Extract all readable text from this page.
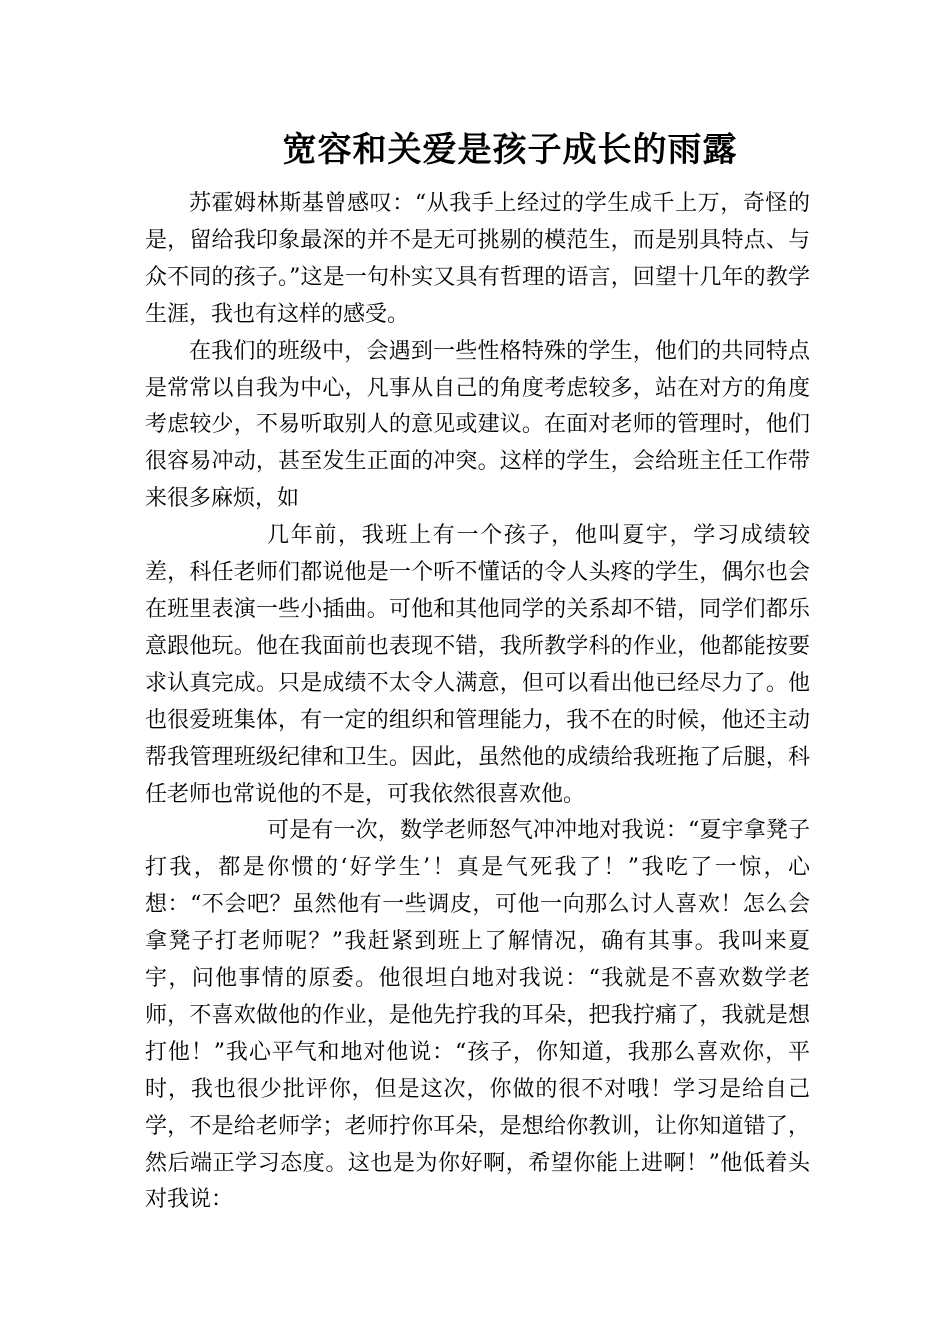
宽容和关爱是孩子成长的雨露

苏霍姆林斯基曾感叹：“从我手上经过的学生成千上万，奇怪的是，留给我印象最深的并不是无可挑剔的模范生，而是别具特点、与众不同的孩子。”这是一句朴实又具有哲理的语言，回望十几年的教学生涯，我也有这样的感受。

在我们的班级中，会遇到一些性格特殊的学生，他们的共同特点是常常以自我为中心，凡事从自己的角度考虑较多，站在对方的角度考虑较少，不易听取别人的意见或建议。在面对老师的管理时，他们很容易冲动，甚至发生正面的冲突。这样的学生，会给班主任工作带来很多麻烦，如

几年前，我班上有一个孩子，他叫夏宇，学习成绩较差，科任老师们都说他是一个听不懂话的令人头疼的学生，偶尔也会在班里表演一些小插曲。可他和其他同学的关系却不错，同学们都乐意跟他玩。他在我面前也表现不错，我所教学科的作业，他都能按要求认真完成。只是成绩不太令人满意，但可以看出他已经尽力了。他也很爱班集体，有一定的组织和管理能力，我不在的时候，他还主动帮我管理班级纪律和卫生。因此，虽然他的成绩给我班拖了后腿，科任老师也常说他的不是，可我依然很喜欢他。

可是有一次，数学老师怒气冲冲地对我说：“夏宇拿凳子打我，都是你惯的‘好学生’！真是气死我了！”我吃了一惊，心想：“不会吧？虽然他有一些调皮，可他一向那么讨人喜欢！怎么会拿凳子打老师呢？”我赶紧到班上了解情况，确有其事。我叫来夏宇，问他事情的原委。他很坦白地对我说：“我就是不喜欢数学老师，不喜欢做他的作业，是他先拧我的耳朵，把我拧痛了，我就是想打他！”我心平气和地对他说：“孩子，你知道，我那么喜欢你，平时，我也很少批评你，但是这次，你做的很不对哦！学习是给自己学，不是给老师学；老师拧你耳朵，是想给你教训，让你知道错了，然后端正学习态度。这也是为你好啊，希望你能上进啊！”他低着头对我说：
